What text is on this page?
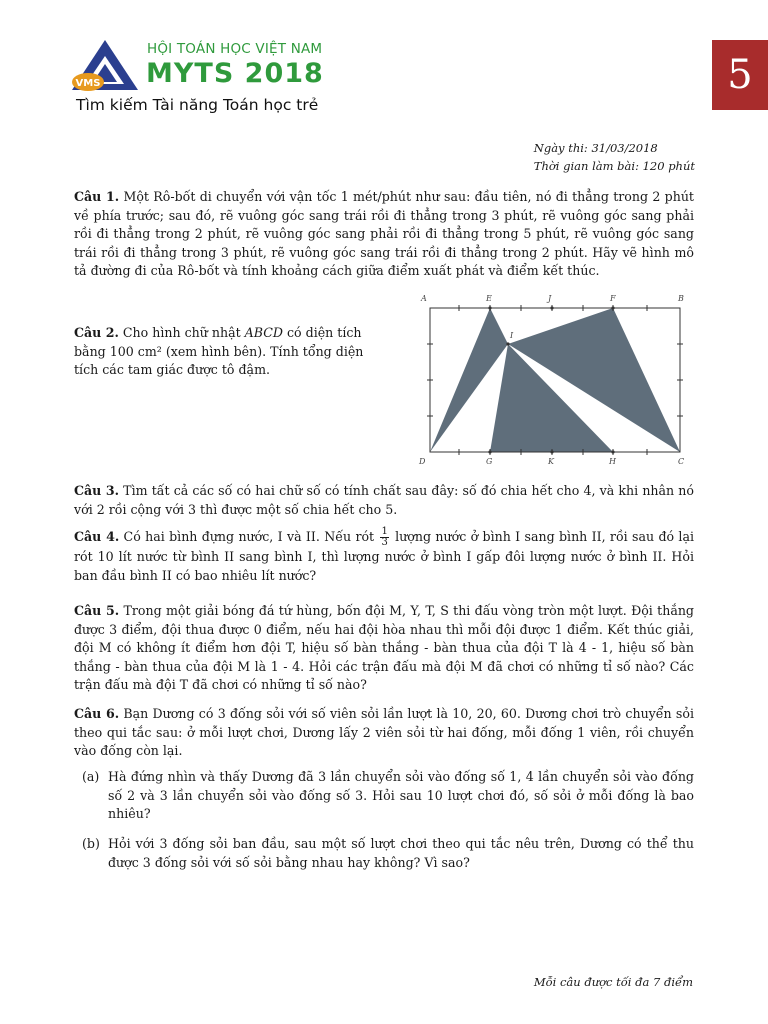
VMS
HỘI TOÁN HỌC VIỆT NAM
MYTS 2018
Tìm kiếm Tài năng Toán học trẻ
5
Ngày thi: 31/03/2018
Thời gian làm bài: 120 phút
Câu 1. Một Rô-bốt di chuyển với vận tốc 1 mét/phút như sau: đầu tiên, nó đi thẳng trong 2 phút về phía trước; sau đó, rẽ vuông góc sang trái rồi đi thẳng trong 3 phút, rẽ vuông góc sang phải rồi đi thẳng trong 2 phút, rẽ vuông góc sang phải rồi đi thẳng trong 5 phút, rẽ vuông góc sang trái rồi đi thẳng trong 3 phút, rẽ vuông góc sang trái rồi đi thẳng trong 2 phút. Hãy vẽ hình mô tả đường đi của Rô-bốt và tính khoảng cách giữa điểm xuất phát và điểm kết thúc.
Câu 2. Cho hình chữ nhật ABCD có diện tích bằng 100 cm² (xem hình bên). Tính tổng diện tích các tam giác được tô đậm.
A	E	J	F	B
I
D	G	K	H	C
Câu 3. Tìm tất cả các số có hai chữ số có tính chất sau đây: số đó chia hết cho 4, và khi nhân nó với 2 rồi cộng với 3 thì được một số chia hết cho 5.
Câu 4. Có hai bình đựng nước, I và II. Nếu rót $\frac{1}{3}$ lượng nước ở bình I sang bình II, rồi sau đó lại rót 10 lít nước từ bình II sang bình I, thì lượng nước ở bình I gấp đôi lượng nước ở bình II. Hỏi ban đầu bình II có bao nhiêu lít nước?
Câu 5. Trong một giải bóng đá tứ hùng, bốn đội M, Y, T, S thi đấu vòng tròn một lượt. Đội thắng được 3 điểm, đội thua được 0 điểm, nếu hai đội hòa nhau thì mỗi đội được 1 điểm. Kết thúc giải, đội M có không ít điểm hơn đội T, hiệu số bàn thắng - bàn thua của đội T là 4 - 1, hiệu số bàn thắng - bàn thua của đội M là 1 - 4. Hỏi các trận đấu mà đội M đã chơi có những tỉ số nào? Các trận đấu mà đội T đã chơi có những tỉ số nào?
Câu 6. Bạn Dương có 3 đống sỏi với số viên sỏi lần lượt là 10, 20, 60. Dương chơi trò chuyển sỏi theo qui tắc sau: ở mỗi lượt chơi, Dương lấy 2 viên sỏi từ hai đống, mỗi đống 1 viên, rồi chuyển vào đống còn lại.
(a) Hà đứng nhìn và thấy Dương đã 3 lần chuyển sỏi vào đống số 1, 4 lần chuyển sỏi vào đống số 2 và 3 lần chuyển sỏi vào đống số 3. Hỏi sau 10 lượt chơi đó, số sỏi ở mỗi đống là bao nhiêu?
(b) Hỏi với 3 đống sỏi ban đầu, sau một số lượt chơi theo qui tắc nêu trên, Dương có thể thu được 3 đống sỏi với số sỏi bằng nhau hay không? Vì sao?
Mỗi câu được tối đa 7 điểm
